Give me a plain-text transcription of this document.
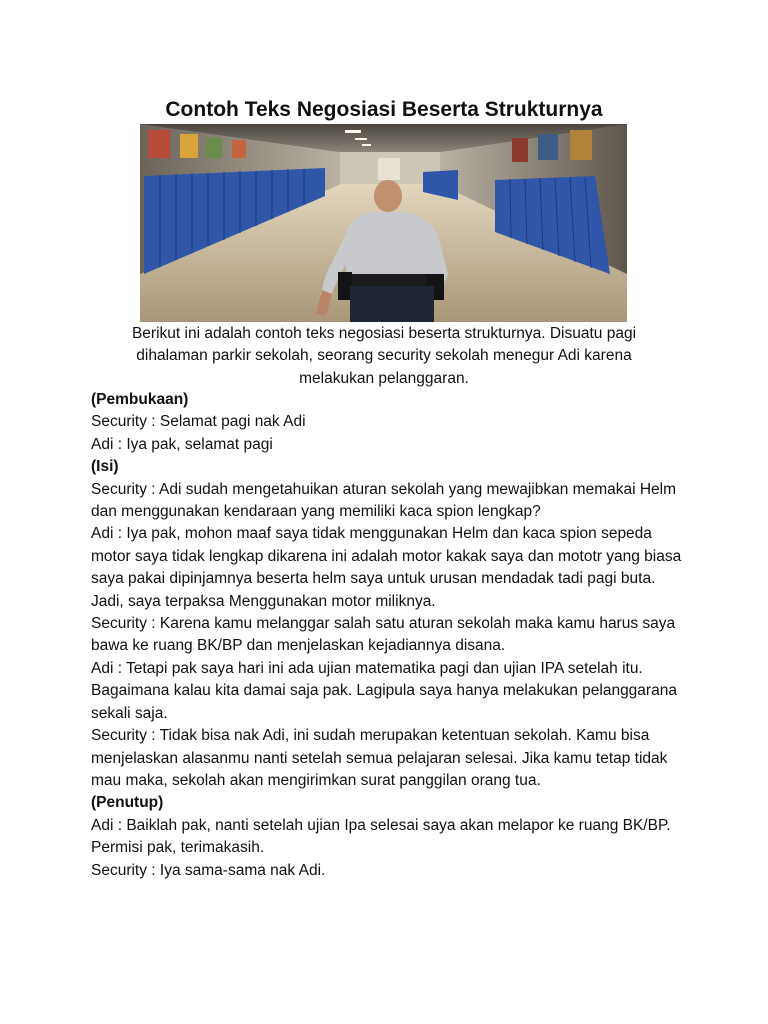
Contoh Teks Negosiasi Beserta Strukturnya

Berikut ini adalah contoh teks negosiasi beserta strukturnya. Disuatu pagi dihalaman parkir sekolah, seorang security sekolah menegur Adi karena melakukan pelanggaran.

(Pembukaan)

Security : Selamat pagi nak Adi

Adi : Iya pak, selamat pagi

(Isi)

Security : Adi sudah mengetahuikan aturan sekolah yang mewajibkan memakai Helm dan menggunakan kendaraan yang memiliki kaca spion lengkap?

Adi : Iya pak, mohon maaf saya tidak menggunakan Helm dan kaca spion sepeda motor saya tidak lengkap dikarena ini adalah motor kakak saya dan mototr yang biasa saya pakai dipinjamnya beserta helm saya untuk urusan mendadak tadi pagi buta. Jadi, saya terpaksa Menggunakan motor miliknya.

Security : Karena kamu melanggar salah satu aturan sekolah maka kamu harus saya bawa ke ruang BK/BP dan menjelaskan kejadiannya disana.

Adi : Tetapi pak saya hari ini ada ujian matematika pagi dan ujian IPA setelah itu. Bagaimana kalau kita damai saja pak. Lagipula saya hanya melakukan pelanggarana sekali saja.

Security : Tidak bisa nak Adi, ini sudah merupakan ketentuan sekolah. Kamu bisa menjelaskan alasanmu nanti setelah semua pelajaran selesai. Jika kamu tetap tidak mau maka, sekolah akan mengirimkan surat panggilan orang tua.

(Penutup)

Adi : Baiklah pak, nanti setelah ujian Ipa selesai saya akan melapor ke ruang BK/BP. Permisi pak, terimakasih.

Security : Iya sama-sama nak Adi.
